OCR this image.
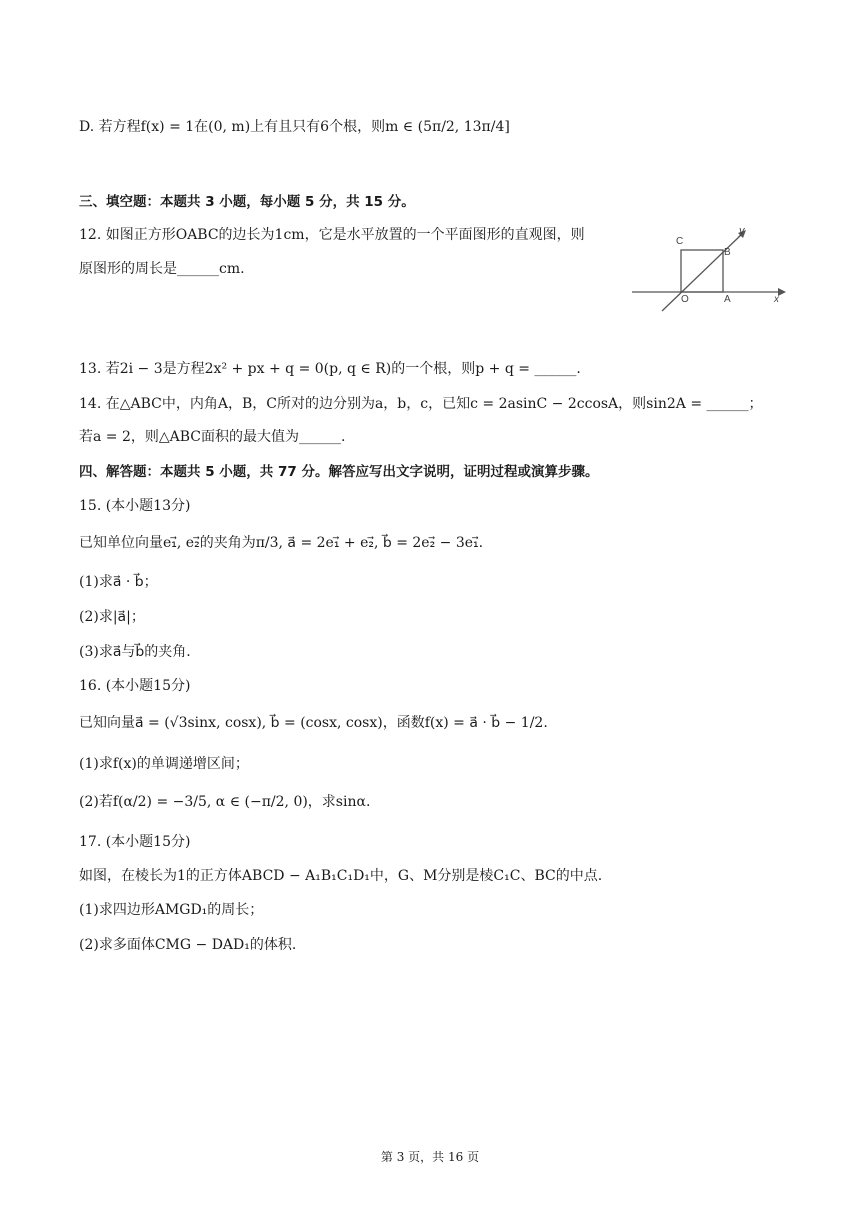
D. 若方程f(x) = 1在(0, m)上有且只有6个根，则m ∈ (5π/2, 13π/4]
三、填空题：本题共 3 小题，每小题 5 分，共 15 分。
12. 如图正方形OABC的边长为1cm，它是水平放置的一个平面图形的直观图，则
原图形的周长是______cm.
C
B
y
O	A	x
13. 若2i − 3是方程2x² + px + q = 0(p, q ∈ R)的一个根，则p + q = ______.
14. 在△ABC中，内角A，B，C所对的边分别为a，b，c，已知c = 2asinC − 2ccosA，则sin2A = ______；
若a = 2，则△ABC面积的最大值为______.
四、解答题：本题共 5 小题，共 77 分。解答应写出文字说明，证明过程或演算步骤。
15. (本小题13分)
已知单位向量e₁⃗, e₂⃗的夹角为π/3, a⃗ = 2e₁⃗ + e₂⃗, b⃗ = 2e₂⃗ − 3e₁⃗.
(1)求a⃗ · b⃗；
(2)求|a⃗|；
(3)求a⃗与b⃗的夹角.
16. (本小题15分)
已知向量a⃗ = (√3sinx, cosx), b⃗ = (cosx, cosx)，函数f(x) = a⃗ · b⃗ − 1/2.
(1)求f(x)的单调递增区间；
(2)若f(α/2) = −3/5, α ∈ (−π/2, 0)，求sinα.
17. (本小题15分)
如图，在棱长为1的正方体ABCD − A₁B₁C₁D₁中，G、M分别是棱C₁C、BC的中点.
(1)求四边形AMGD₁的周长；
(2)求多面体CMG − DAD₁的体积.
第 3 页，共 16 页
